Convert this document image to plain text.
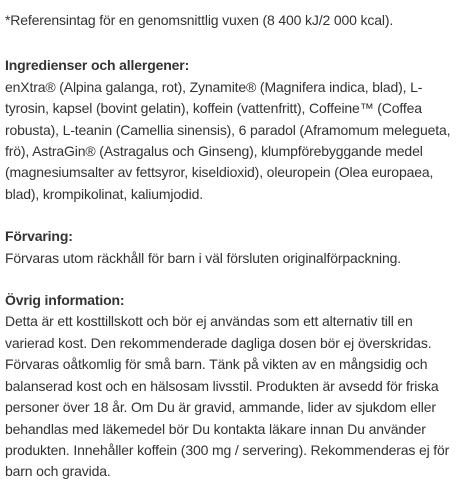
*Referensintag för en genomsnittlig vuxen (8 400 kJ/2 000 kcal).

Ingredienser och allergener:

enXtra® (Alpina galanga, rot), Zynamite® (Magnifera indica, blad), L-tyrosin, kapsel (bovint gelatin), koffein (vattenfritt), Coffeine™ (Coffea robusta), L-teanin (Camellia sinensis), 6 paradol (Aframomum melegueta, frö), AstraGin® (Astragalus och Ginseng), klumpförebyggande medel (magnesiumsalter av fettsyror, kiseldioxid), oleuropein (Olea europaea, blad), krompikolinat, kaliumjodid.

Förvaring:

Förvaras utom räckhåll för barn i väl försluten originalförpackning.

Övrig information:

Detta är ett kosttillskott och bör ej användas som ett alternativ till en varierad kost. Den rekommenderade dagliga dosen bör ej överskridas. Förvaras oåtkomlig för små barn. Tänk på vikten av en mångsidig och balanserad kost och en hälsosam livsstil. Produkten är avsedd för friska personer över 18 år. Om Du är gravid, ammande, lider av sjukdom eller behandlas med läkemedel bör Du kontakta läkare innan Du använder produkten. Innehåller koffein (300 mg / servering). Rekommenderas ej för barn och gravida.
